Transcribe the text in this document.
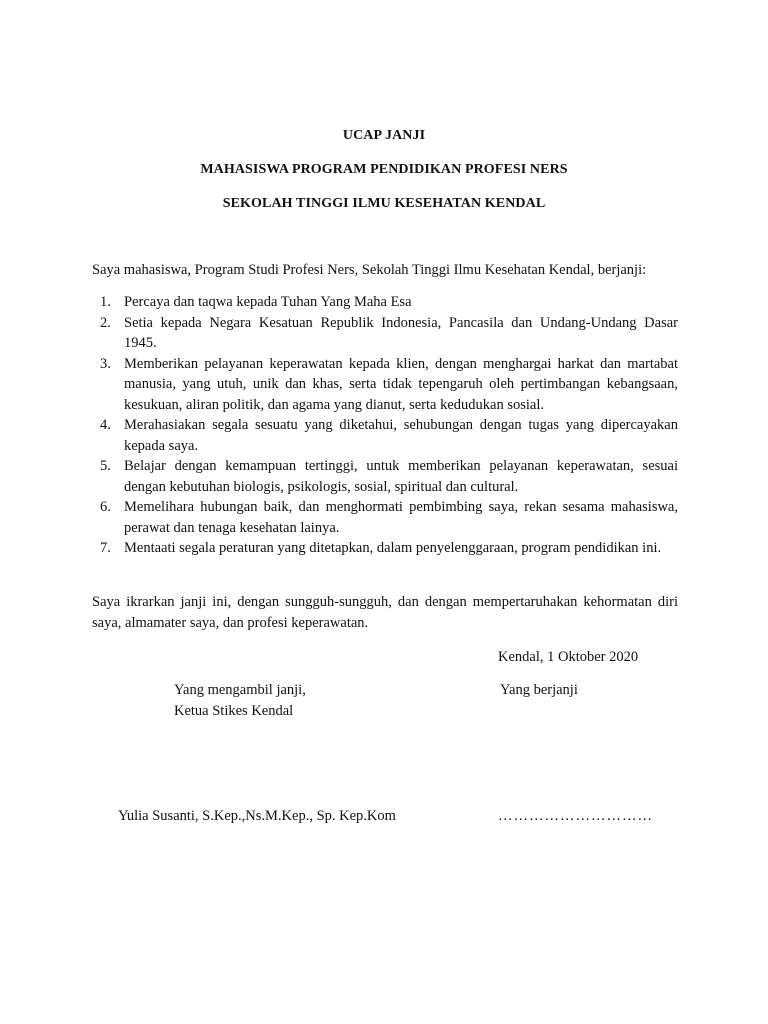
UCAP JANJI
MAHASISWA PROGRAM PENDIDIKAN PROFESI NERS
SEKOLAH TINGGI ILMU KESEHATAN KENDAL
Saya mahasiswa, Program Studi Profesi Ners, Sekolah Tinggi Ilmu Kesehatan Kendal, berjanji:
1. Percaya dan taqwa kepada Tuhan Yang Maha Esa
2. Setia kepada Negara Kesatuan Republik Indonesia, Pancasila dan Undang-Undang Dasar 1945.
3. Memberikan pelayanan keperawatan kepada klien, dengan menghargai harkat dan martabat manusia, yang utuh, unik dan khas, serta tidak tepengaruh oleh pertimbangan kebangsaan, kesukuan, aliran politik, dan agama yang dianut, serta kedudukan sosial.
4. Merahasiakan segala sesuatu yang diketahui, sehubungan dengan tugas yang dipercayakan kepada saya.
5. Belajar dengan kemampuan tertinggi, untuk memberikan pelayanan keperawatan, sesuai dengan kebutuhan biologis, psikologis, sosial, spiritual dan cultural.
6. Memelihara hubungan baik, dan menghormati pembimbing saya, rekan sesama mahasiswa, perawat dan tenaga kesehatan lainya.
7. Mentaati segala peraturan yang ditetapkan, dalam penyelenggaraan, program pendidikan ini.
Saya ikrarkan janji ini, dengan sungguh-sungguh, dan dengan mempertaruhakan kehormatan diri saya, almamater saya, dan profesi keperawatan.
Kendal, 1 Oktober 2020
Yang mengambil janji,
Ketua Stikes Kendal
Yang berjanji
Yulia Susanti, S.Kep.,Ns.M.Kep., Sp. Kep.Kom	…………………………
